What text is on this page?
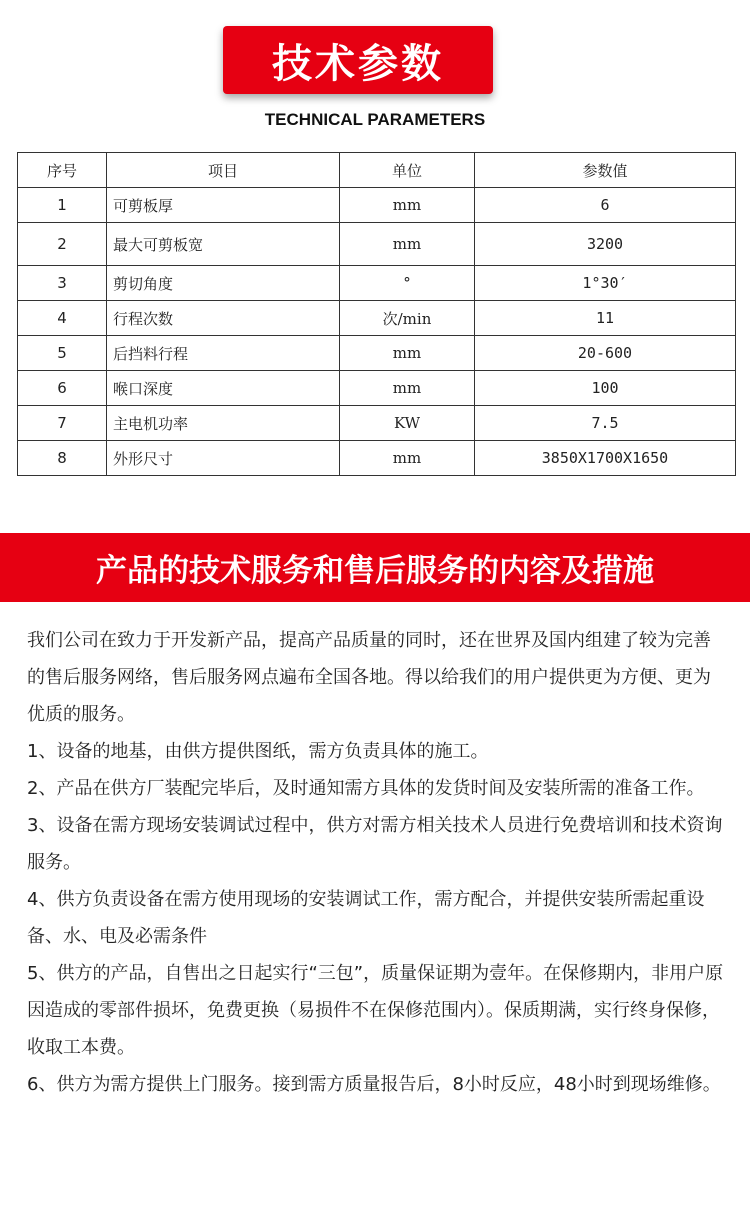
技术参数
TECHNICAL PARAMETERS
序号	项目	单位	参数值
1	可剪板厚	mm	6
2	最大可剪板宽	mm	3200
3	剪切角度	°	1°30′
4	行程次数	次/min	11
5	后挡料行程	mm	20-600
6	喉口深度	mm	100
7	主电机功率	KW	7.5
8	外形尺寸	mm	3850X1700X1650
产品的技术服务和售后服务的内容及措施

我们公司在致力于开发新产品，提高产品质量的同时，还在世界及国内组建了较为完善的售后服务网络，售后服务网点遍布全国各地。得以给我们的用户提供更为方便、更为优质的服务。

1、设备的地基，由供方提供图纸，需方负责具体的施工。

2、产品在供方厂装配完毕后，及时通知需方具体的发货时间及安装所需的准备工作。

3、设备在需方现场安装调试过程中，供方对需方相关技术人员进行免费培训和技术资询服务。

4、供方负责设备在需方使用现场的安装调试工作，需方配合，并提供安装所需起重设备、水、电及必需条件

5、供方的产品，自售出之日起实行“三包”，质量保证期为壹年。在保修期内，非用户原因造成的零部件损坏，免费更换（易损件不在保修范围内）。保质期满，实行终身保修，收取工本费。

6、供方为需方提供上门服务。接到需方质量报告后，8小时反应，48小时到现场维修。
